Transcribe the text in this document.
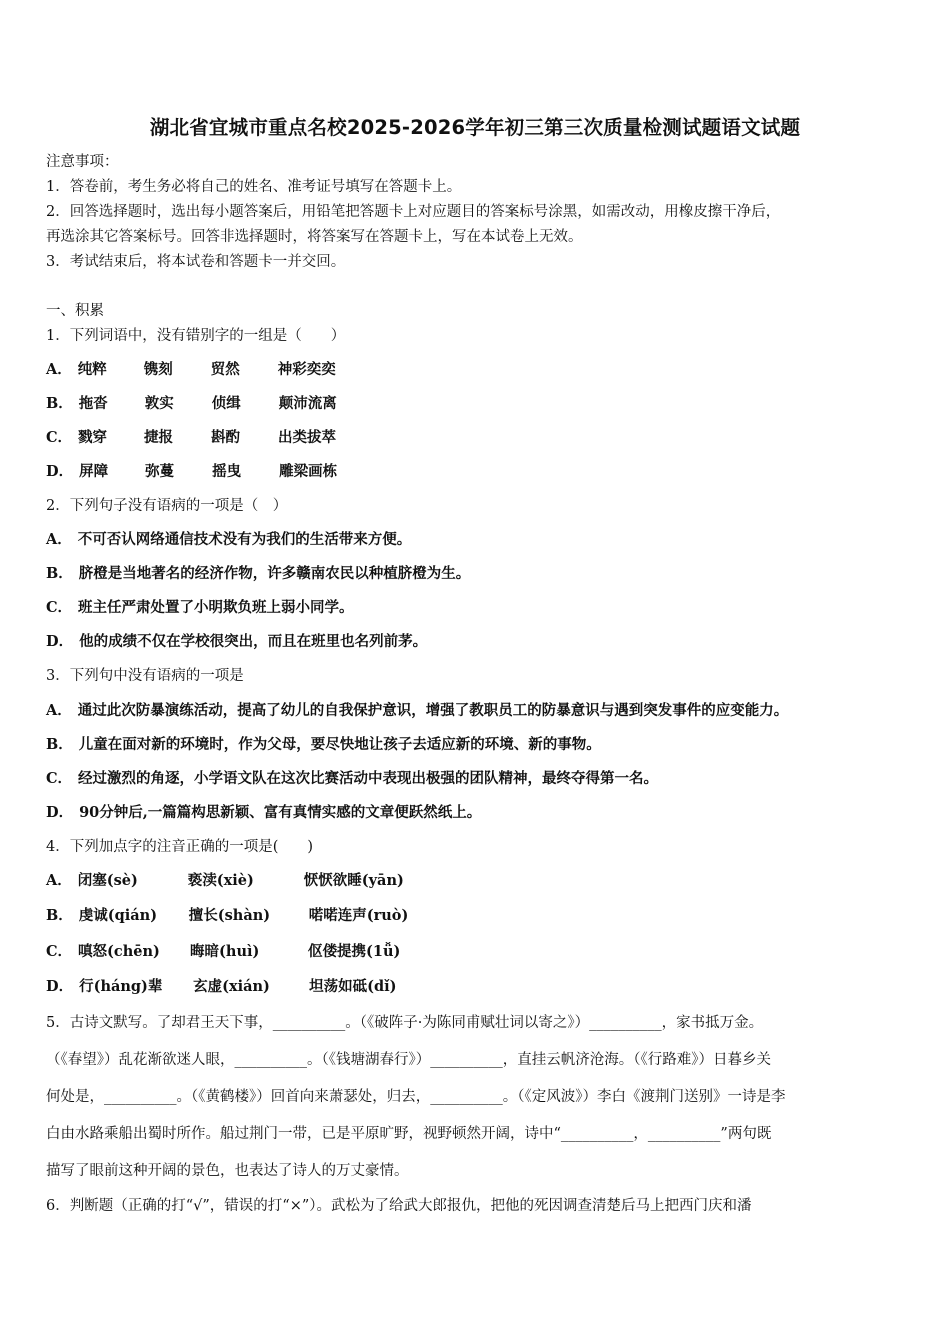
湖北省宜城市重点名校2025-2026学年初三第三次质量检测试题语文试题
注意事项：
1．答卷前，考生务必将自己的姓名、准考证号填写在答题卡上。
2．回答选择题时，选出每小题答案后，用铅笔把答题卡上对应题目的答案标号涂黑，如需改动，用橡皮擦干净后，
再选涂其它答案标号。回答非选择题时，将答案写在答题卡上，写在本试卷上无效。
3．考试结束后，将本试卷和答题卡一并交回。
一、积累
1．下列词语中，没有错别字的一组是（　　）
A． 纯粹	镌刻	贸然	神彩奕奕
B． 拖沓	敦实	侦缉	颠沛流离
C． 戮穿	捷报	斟酌	出类拔萃
D． 屏障	弥蔓	摇曳	雕梁画栋
2．下列句子没有语病的一项是（　）
A． 不可否认网络通信技术没有为我们的生活带来方便。
B． 脐橙是当地著名的经济作物，许多赣南农民以种植脐橙为生。
C． 班主任严肃处置了小明欺负班上弱小同学。
D． 他的成绩不仅在学校很突出，而且在班里也名列前茅。
3．下列句中没有语病的一项是
A． 通过此次防暴演练活动，提高了幼儿的自我保护意识，增强了教职员工的防暴意识与遇到突发事件的应变能力。
B． 儿童在面对新的环境时，作为父母，要尽快地让孩子去适应新的环境、新的事物。
C． 经过激烈的角逐，小学语文队在这次比赛活动中表现出极强的团队精神，最终夺得第一名。
D． 90分钟后,一篇篇构思新颖、富有真情实感的文章便跃然纸上。
4．下列加点字的注音正确的一项是(　　)
A． 闭塞(sè)	亵渎(xiè)	恹恹欲睡(yān)
B． 虔诚(qián) 擅长(shàn)	喏喏连声(ruò)
C． 嗔怒(chēn) 晦暗(huì)	伛偻提携(1ǚ)
D． 行(háng)辈 玄虚(xián)	坦荡如砥(dǐ)
5．古诗文默写。了却君王天下事，__________。（《破阵子·为陈同甫赋壮词以寄之》）__________，家书抵万金。
（《春望》）乱花渐欲迷人眼，__________。（《钱塘湖春行》）__________，直挂云帆济沧海。（《行路难》）日暮乡关
何处是，__________。（《黄鹤楼》）回首向来萧瑟处，归去，__________。（《定风波》）李白《渡荆门送别》一诗是李
白由水路乘船出蜀时所作。船过荆门一带，已是平原旷野，视野顿然开阔，诗中“__________，__________”两句既
描写了眼前这种开阔的景色，也表达了诗人的万丈豪情。
6．判断题（正确的打“√”，错误的打“×”）。武松为了给武大郎报仇，把他的死因调查清楚后马上把西门庆和潘
